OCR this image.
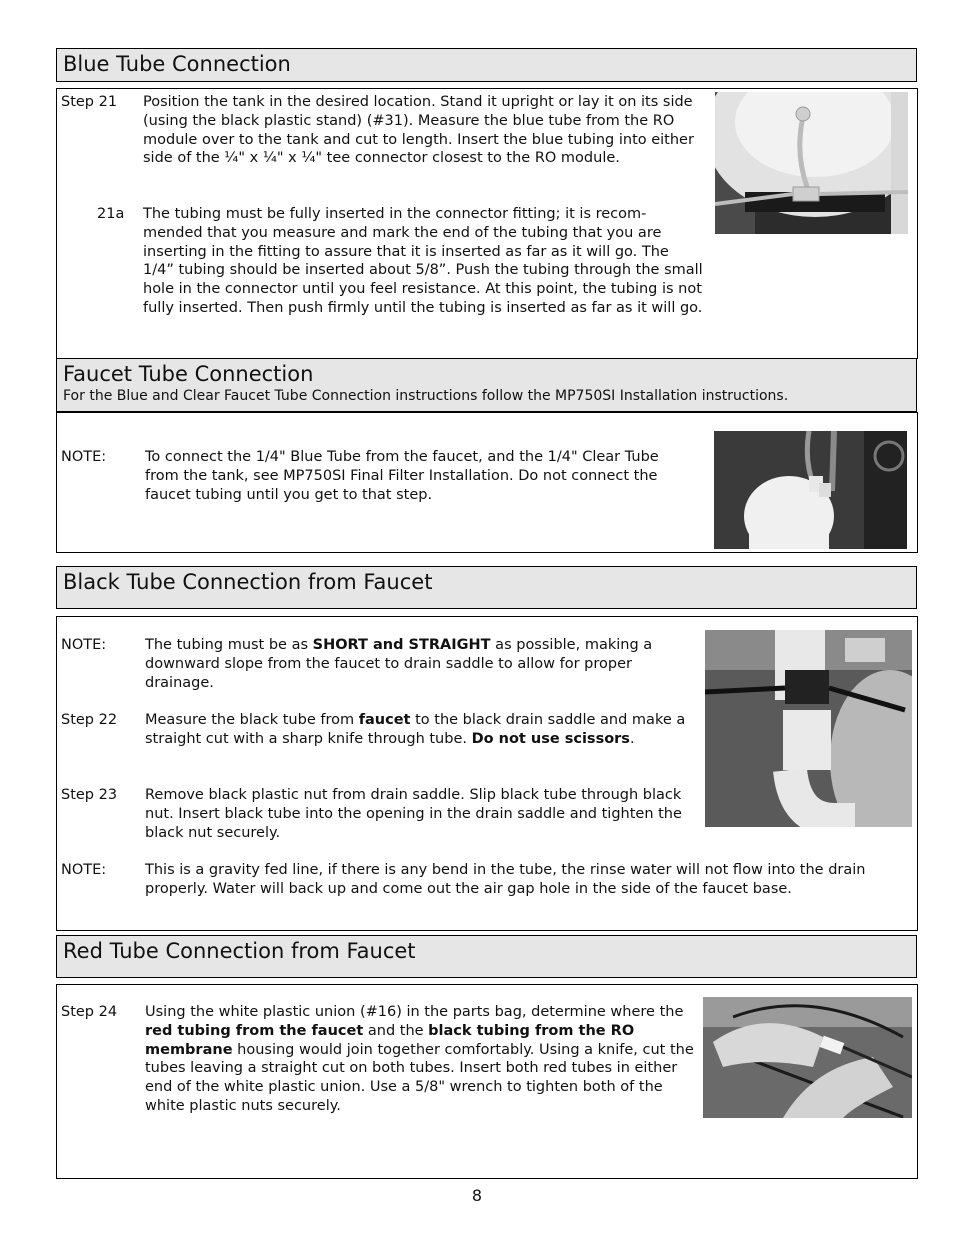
Blue Tube Connection
Step 21 Position the tank in the desired location. Stand it upright or lay it on its side (using the black plastic stand) (#31). Measure the blue tube from the RO module over to the tank and cut to length. Insert the blue tubing into either side of the ¼" x ¼" x ¼" tee connector closest to the RO module.
21a The tubing must be fully inserted in the connector fitting; it is recom-mended that you measure and mark the end of the tubing that you are inserting in the fitting to assure that it is inserted as far as it will go. The 1/4” tubing should be inserted about 5/8”. Push the tubing through the small hole in the connector until you feel resistance. At this point, the tubing is not fully inserted. Then push firmly until the tubing is inserted as far as it will go.
Faucet Tube Connection
For the Blue and Clear Faucet Tube Connection instructions follow the MP750SI Installation instructions.
NOTE:	To connect the 1/4" Blue Tube from the faucet, and the 1/4" Clear Tube from the tank, see MP750SI Final Filter Installation. Do not connect the faucet tubing until you get to that step.
Black Tube Connection from Faucet
NOTE:	The tubing must be as SHORT and STRAIGHT as possible, making a downward slope from the faucet to drain saddle to allow for proper drainage.
Step 22 Measure the black tube from faucet to the black drain saddle and make a straight cut with a sharp knife through tube. Do not use scissors.
Step 23 Remove black plastic nut from drain saddle. Slip black tube through black nut. Insert black tube into the opening in the drain saddle and tighten the black nut securely.
NOTE:	This is a gravity fed line, if there is any bend in the tube, the rinse water will not flow into the drain properly. Water will back up and come out the air gap hole in the side of the faucet base.
Red Tube Connection from Faucet
Step 24 Using the white plastic union (#16) in the parts bag, determine where the red tubing from the faucet and the black tubing from the RO membrane housing would join together comfortably. Using a knife, cut the tubes leaving a straight cut on both tubes. Insert both red tubes in either end of the white plastic union. Use a 5/8" wrench to tighten both of the white plastic nuts securely.
8
